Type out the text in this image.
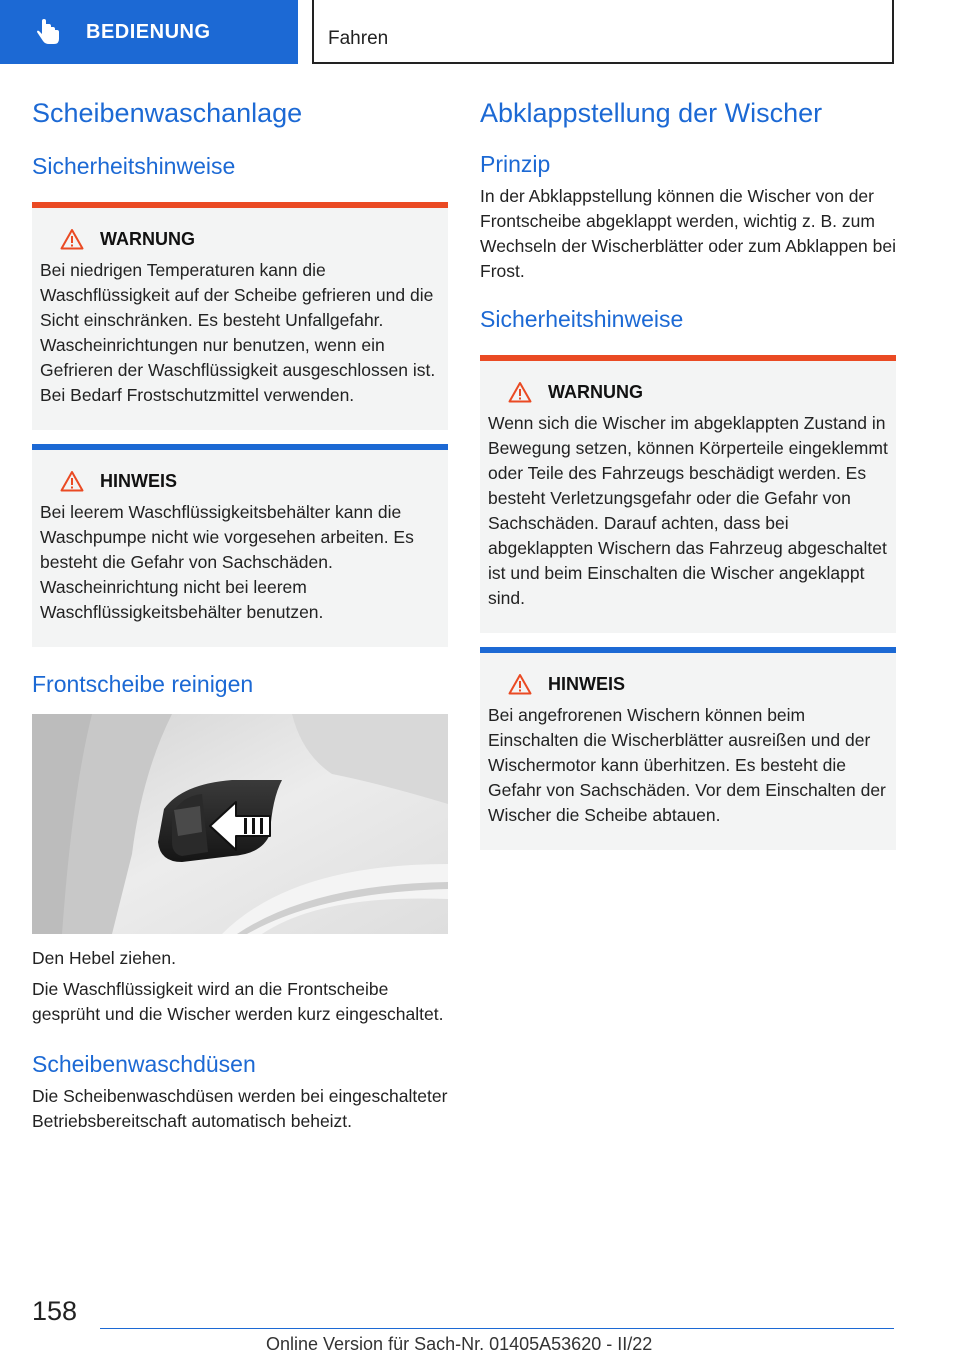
BEDIENUNG	Fahren
Scheibenwaschanlage
Sicherheitshinweise
WARNUNG

Bei niedrigen Temperaturen kann die Waschflüssigkeit auf der Scheibe gefrieren und die Sicht einschränken. Es besteht Unfallgefahr. Wascheinrichtungen nur benutzen, wenn ein Gefrieren der Waschflüssigkeit ausgeschlossen ist. Bei Bedarf Frostschutzmittel verwenden.

HINWEIS

Bei leerem Waschflüssigkeitsbehälter kann die Waschpumpe nicht wie vorgesehen arbeiten. Es besteht die Gefahr von Sachschäden. Wascheinrichtung nicht bei leerem Waschflüssigkeitsbehälter benutzen.

Frontscheibe reinigen

Den Hebel ziehen.

Die Waschflüssigkeit wird an die Frontscheibe gesprüht und die Wischer werden kurz eingeschaltet.

Scheibenwaschdüsen

Die Scheibenwaschdüsen werden bei eingeschalteter Betriebsbereitschaft automatisch beheizt.

Abklappstellung der Wischer
Prinzip

In der Abklappstellung können die Wischer von der Frontscheibe abgeklappt werden, wichtig z. B. zum Wechseln der Wischerblätter oder zum Abklappen bei Frost.

Sicherheitshinweise
WARNUNG

Wenn sich die Wischer im abgeklappten Zustand in Bewegung setzen, können Körperteile eingeklemmt oder Teile des Fahrzeugs beschädigt werden. Es besteht Verletzungsgefahr oder die Gefahr von Sachschäden. Darauf achten, dass bei abgeklappten Wischern das Fahrzeug abgeschaltet ist und beim Einschalten die Wischer angeklappt sind.

HINWEIS

Bei angefrorenen Wischern können beim Einschalten die Wischerblätter ausreißen und der Wischermotor kann überhitzen. Es besteht die Gefahr von Sachschäden. Vor dem Einschalten der Wischer die Scheibe abtauen.

158
Online Version für Sach-Nr. 01405A53620 - II/22
